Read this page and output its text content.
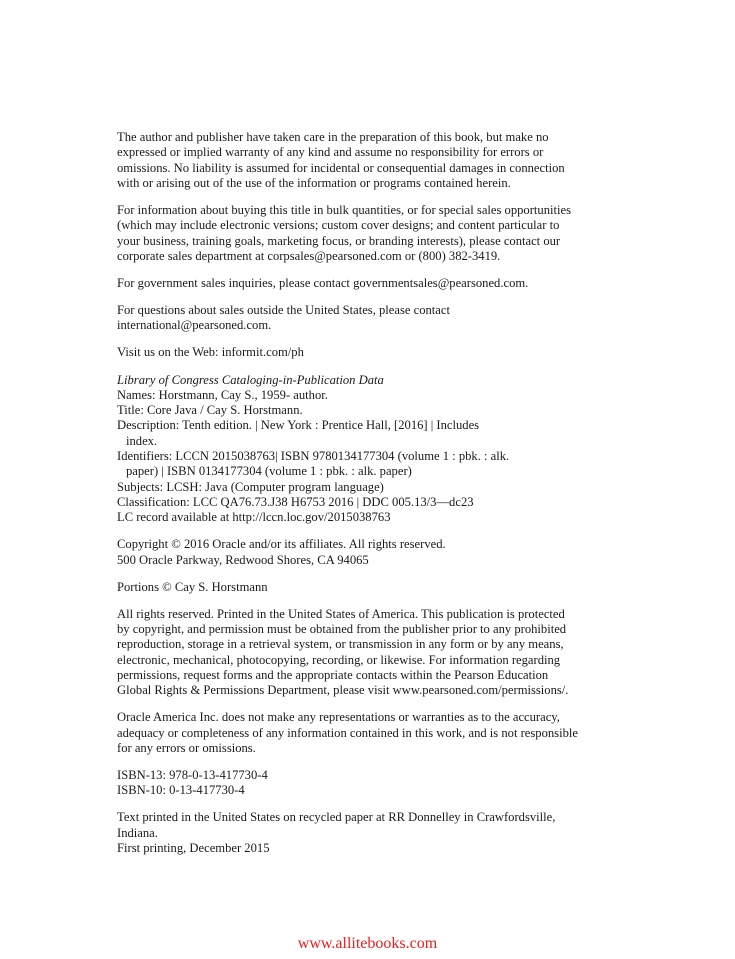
The author and publisher have taken care in the preparation of this book, but make no
expressed or implied warranty of any kind and assume no responsibility for errors or
omissions. No liability is assumed for incidental or consequential damages in connection
with or arising out of the use of the information or programs contained herein.

For information about buying this title in bulk quantities, or for special sales opportunities
(which may include electronic versions; custom cover designs; and content particular to
your business, training goals, marketing focus, or branding interests), please contact our
corporate sales department at corpsales@pearsoned.com or (800) 382-3419.

For government sales inquiries, please contact governmentsales@pearsoned.com.

For questions about sales outside the United States, please contact
international@pearsoned.com.

Visit us on the Web: informit.com/ph

Library of Congress Cataloging-in-Publication Data
Names: Horstmann, Cay S., 1959- author.
Title: Core Java / Cay S. Horstmann.
Description: Tenth edition. | New York : Prentice Hall, [2016] | Includes
index.
Identifiers: LCCN 2015038763| ISBN 9780134177304 (volume 1 : pbk. : alk.
paper) | ISBN 0134177304 (volume 1 : pbk. : alk. paper)
Subjects: LCSH: Java (Computer program language)
Classification: LCC QA76.73.J38 H6753 2016 | DDC 005.13/3—dc23
LC record available at http://lccn.loc.gov/2015038763

Copyright © 2016 Oracle and/or its affiliates. All rights reserved.
500 Oracle Parkway, Redwood Shores, CA 94065

Portions © Cay S. Horstmann

All rights reserved. Printed in the United States of America. This publication is protected
by copyright, and permission must be obtained from the publisher prior to any prohibited
reproduction, storage in a retrieval system, or transmission in any form or by any means,
electronic, mechanical, photocopying, recording, or likewise. For information regarding
permissions, request forms and the appropriate contacts within the Pearson Education
Global Rights & Permissions Department, please visit www.pearsoned.com/permissions/.

Oracle America Inc. does not make any representations or warranties as to the accuracy,
adequacy or completeness of any information contained in this work, and is not responsible
for any errors or omissions.

ISBN-13: 978-0-13-417730-4
ISBN-10: 0-13-417730-4

Text printed in the United States on recycled paper at RR Donnelley in Crawfordsville,
Indiana.
First printing, December 2015

www.allitebooks.com
